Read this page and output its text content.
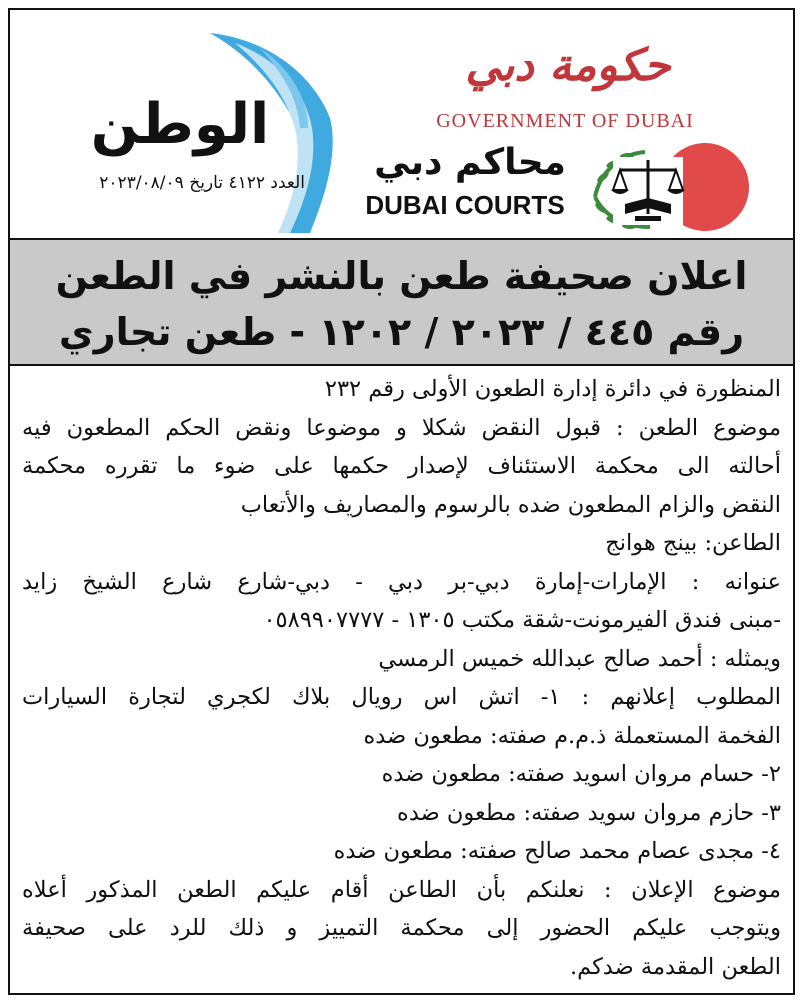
الوطن
العدد ٤١٢٢ تاريخ ٢٠٢٣/٠٨/٠٩
حكومة دبي
GOVERNMENT OF DUBAI
محاكم دبي
DUBAI COURTS
اعلان صحيفة طعن بالنشر في الطعن
رقم ٤٤٥ / ٢٠٢٣ / ١٢٠٢ - طعن تجاري
المنظورة في دائرة إدارة الطعون الأولى رقم ٢٣٢
موضوع الطعن : قبول النقض شكلا و موضوعا ونقض الحكم المطعون فيه
أحالته الى محكمة الاستئناف لإصدار حكمها على ضوء ما تقرره محكمة
النقض والزام المطعون ضده بالرسوم والمصاريف والأتعاب
الطاعن: بينج هوانج
عنوانه : الإمارات-إمارة دبي-بر دبي - دبي-شارع شارع الشيخ زايد
-مبنى فندق الفيرمونت-شقة مكتب ١٣٠٥ - ٠٥٨٩٩٠٧٧٧٧
ويمثله : أحمد صالح عبدالله خميس الرمسي
المطلوب إعلانهم : ١- اتش اس رويال بلاك لكجري لتجارة السيارات
الفخمة المستعملة ذ.م.م صفته: مطعون ضده
٢- حسام مروان اسويد صفته: مطعون ضده
٣- حازم مروان سويد صفته: مطعون ضده
٤- مجدى عصام محمد صالح صفته: مطعون ضده
موضوع الإعلان : نعلنكم بأن الطاعن أقام عليكم الطعن المذكور أعلاه
ويتوجب عليكم الحضور إلى محكمة التمييز و ذلك للرد على صحيفة
الطعن المقدمة ضدكم.
